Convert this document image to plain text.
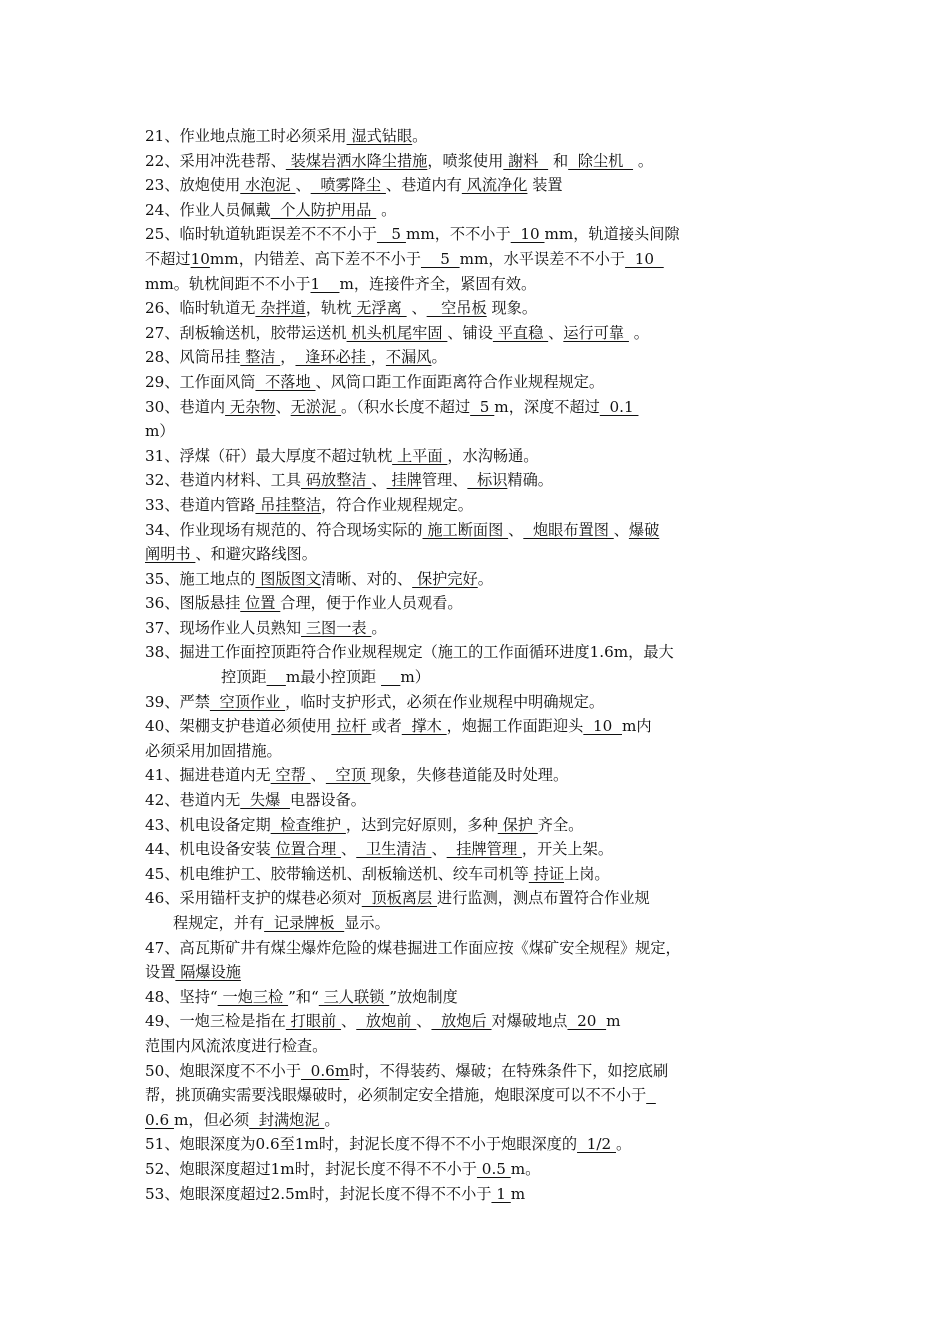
21、作业地点施工时必须采用 湿式钻眼。
22、采用冲洗巷帮、 装煤岩洒水降尘措施，喷浆使用 謝料   和  除尘机   。
23、放炮使用 水泡泥 、  喷雾降尘 、巷道内有 风流净化 装置
24、作业人员佩戴  个人防护用品  。
25、临时轨道轨距误差不不不小于   5 mm，不不小于  10 mm，轨道接头间隙
不超过10mm，内错差、高下差不不小于    5  mm，水平误差不不小于  10
mm。轨枕间距不不小于1    m，连接件齐全，紧固有效。
26、临时轨道无 杂拌道，轨枕 无浮离  、   空吊板 现象。
27、刮板输送机，胶带运送机 机头机尾牢固 、铺设 平直稳 、运行可靠  。
28、风筒吊挂 整洁 ，  逢环必挂 ，不漏风。
29、工作面风筒  不落地 、风筒口距工作面距离符合作业规程规定。
30、巷道内 无杂物、无淤泥 。（积水长度不超过  5 m，深度不超过  0.1
m）
31、浮煤（矸）最大厚度不超过轨枕 上平面 ，水沟畅通。
32、巷道内材料、工具 码放整洁 、 挂牌管理、  标识精确。
33、巷道内管路 吊挂整洁，符合作业规程规定。
34、作业现场有规范的、符合现场实际的 施工断面图 、  炮眼布置图 、爆破
阐明书 、和避灾路线图。
35、施工地点的 图版图文清晰、对的、 保护完好。
36、图版悬挂 位置 合理，便于作业人员观看。
37、现场作业人员熟知 三图一表 。
38、掘进工作面控顶距符合作业规程规定（施工的工作面循环进度1.6m，最大
控顶距 m最小控顶距     m）
39、严禁  空顶作业 ，临时支护形式，必须在作业规程中明确规定。
40、架棚支护巷道必须使用 拉杆 或者  撑木 ，炮掘工作面距迎头  10  m内
必须采用加固措施。
41、掘进巷道内无 空帮 、  空顶 现象，失修巷道能及时处理。
42、巷道内无  失爆  电器设备。
43、机电设备定期  检查维护 ，达到完好原则，多种 保护 齐全。
44、机电设备安装 位置合理 、  卫生清洁 、  挂牌管理 ，开关上架。
45、机电维护工、胶带输送机、刮板输送机、绞车司机等 持证上岗。
46、采用锚杆支护的煤巷必须对  顶板离层 进行监测，测点布置符合作业规
程规定，并有  记录牌板  显示。
47、高瓦斯矿井有煤尘爆炸危险的煤巷掘进工作面应按《煤矿安全规程》规定，
设置 隔爆设施
48、坚持“ 一炮三检 ”和“ 三人联锁 ”放炮制度
49、一炮三检是指在 打眼前 、  放炮前 、  放炮后 对爆破地点  20  m
范围内风流浓度进行检查。
50、炮眼深度不不小于  0.6m时，不得装药、爆破；在特殊条件下，如挖底刷
帮，挑顶确实需要浅眼爆破时，必须制定安全措施，炮眼深度可以不不小于
0.6 m，但必须  封满炮泥 。
51、炮眼深度为0.6至1m时，封泥长度不得不不小于炮眼深度的  1/2 。
52、炮眼深度超过1m时，封泥长度不得不不小于 0.5 m。
53、炮眼深度超过2.5m时，封泥长度不得不不小于 1 m
